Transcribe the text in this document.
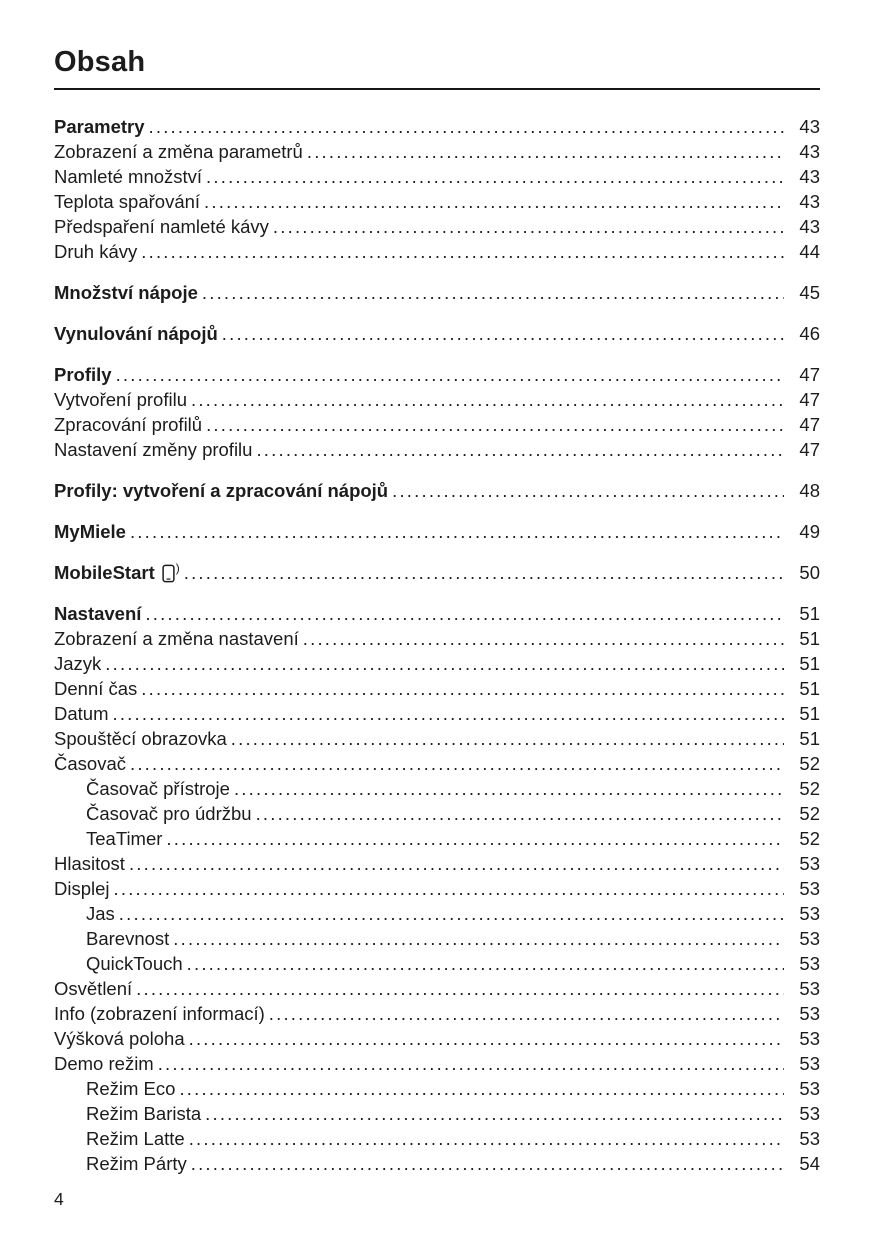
Obsah
Parametry .....	43
Zobrazení a změna parametrů .....	43
Namleté množství .....	43
Teplota spařování .....	43
Předspaření namleté kávy .....	43
Druh kávy .....	44
Množství nápoje .....	45
Vynulování nápojů .....	46
Profily .....	47
Vytvoření profilu .....	47
Zpracování profilů .....	47
Nastavení změny profilu .....	47
Profily: vytvoření a zpracování nápojů .....	48
MyMiele .....	49
MobileStart ) .....	50
Nastavení .....	51
Zobrazení a změna nastavení .....	51
Jazyk .....	51
Denní čas .....	51
Datum .....	51
Spouštěcí obrazovka .....	51
Časovač .....	52
Časovač přístroje .....	52
Časovač pro údržbu .....	52
TeaTimer .....	52
Hlasitost .....	53
Displej .....	53
Jas .....	53
Barevnost .....	53
QuickTouch .....	53
Osvětlení .....	53
Info (zobrazení informací) .....	53
Výšková poloha .....	53
Demo režim .....	53
Režim Eco .....	53
Režim Barista .....	53
Režim Latte .....	53
Režim Párty .....	54
4
